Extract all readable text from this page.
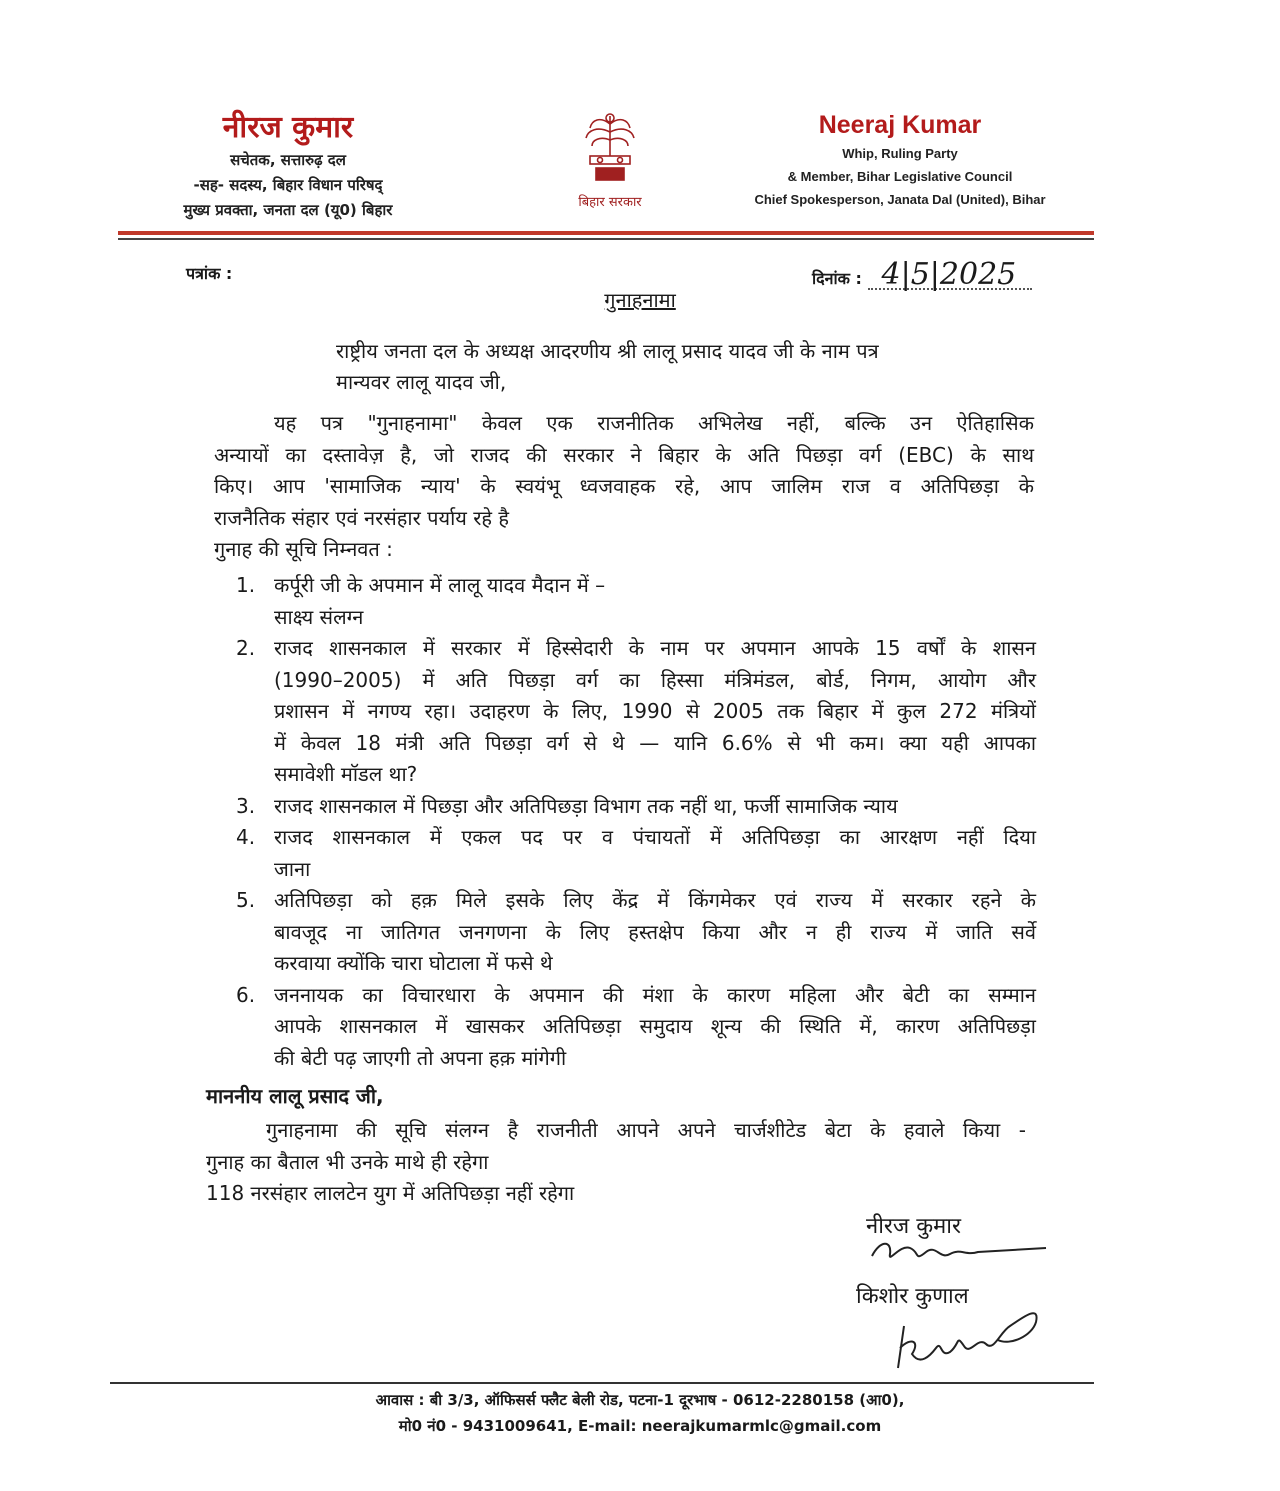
नीरज कुमार
सचेतक, सत्तारुढ़ दल
-सह- सदस्य, बिहार विधान परिषद्
मुख्य प्रवक्ता, जनता दल (यू0) बिहार	बिहार सरकार
Neeraj Kumar
Whip, Ruling Party
& Member, Bihar Legislative Council
Chief Spokesperson, Janata Dal (United), Bihar
पत्रांक :	दिनांक : 4|5|2025
गुनाहनामा
राष्ट्रीय जनता दल के अध्यक्ष आदरणीय श्री लालू प्रसाद यादव जी के नाम पत्र
मान्यवर लालू यादव जी,
यह पत्र "गुनाहनामा" केवल एक राजनीतिक अभिलेख नहीं, बल्कि उन ऐतिहासिक
अन्यायों का दस्तावेज़ है, जो राजद की सरकार ने बिहार के अति पिछड़ा वर्ग (EBC) के साथ
किए। आप 'सामाजिक न्याय' के स्वयंभू ध्वजवाहक रहे, आप जालिम राज व अतिपिछड़ा के
राजनैतिक संहार एवं नरसंहार पर्याय रहे है
गुनाह की सूचि निम्नवत :
1. कर्पूरी जी के अपमान में लालू यादव मैदान में –
साक्ष्य संलग्न
2. राजद शासनकाल में सरकार में हिस्सेदारी के नाम पर अपमान आपके 15 वर्षों के शासन
(1990–2005) में अति पिछड़ा वर्ग का हिस्सा मंत्रिमंडल, बोर्ड, निगम, आयोग और
प्रशासन में नगण्य रहा। उदाहरण के लिए, 1990 से 2005 तक बिहार में कुल 272 मंत्रियों
में केवल 18 मंत्री अति पिछड़ा वर्ग से थे — यानि 6.6% से भी कम। क्या यही आपका
समावेशी मॉडल था?
3. राजद शासनकाल में पिछड़ा और अतिपिछड़ा विभाग तक नहीं था, फर्जी सामाजिक न्याय
4. राजद शासनकाल में एकल पद पर व पंचायतों में अतिपिछड़ा का आरक्षण नहीं दिया
जाना
5. अतिपिछड़ा को हक़ मिले इसके लिए केंद्र में किंगमेकर एवं राज्य में सरकार रहने के
बावजूद ना जातिगत जनगणना के लिए हस्तक्षेप किया और न ही राज्य में जाति सर्वे
करवाया क्योंकि चारा घोटाला में फसे थे
6. जननायक का विचारधारा के अपमान की मंशा के कारण महिला और बेटी का सम्मान
आपके शासनकाल में खासकर अतिपिछड़ा समुदाय शून्य की स्थिति में, कारण अतिपिछड़ा
की बेटी पढ़ जाएगी तो अपना हक़ मांगेगी
माननीय लालू प्रसाद जी,
गुनाहनामा की सूचि संलग्न है राजनीती आपने अपने चार्जशीटेड बेटा के हवाले किया -
गुनाह का बैताल भी उनके माथे ही रहेगा
118 नरसंहार लालटेन युग में अतिपिछड़ा नहीं रहेगा
नीरज कुमार
किशोर कुणाल
आवास : बी 3/3, ऑफिसर्स फ्लैट बेली रोड, पटना-1 दूरभाष - 0612-2280158 (आ0),
मो0 नं0 - 9431009641, E-mail: neerajkumarmlc@gmail.com
